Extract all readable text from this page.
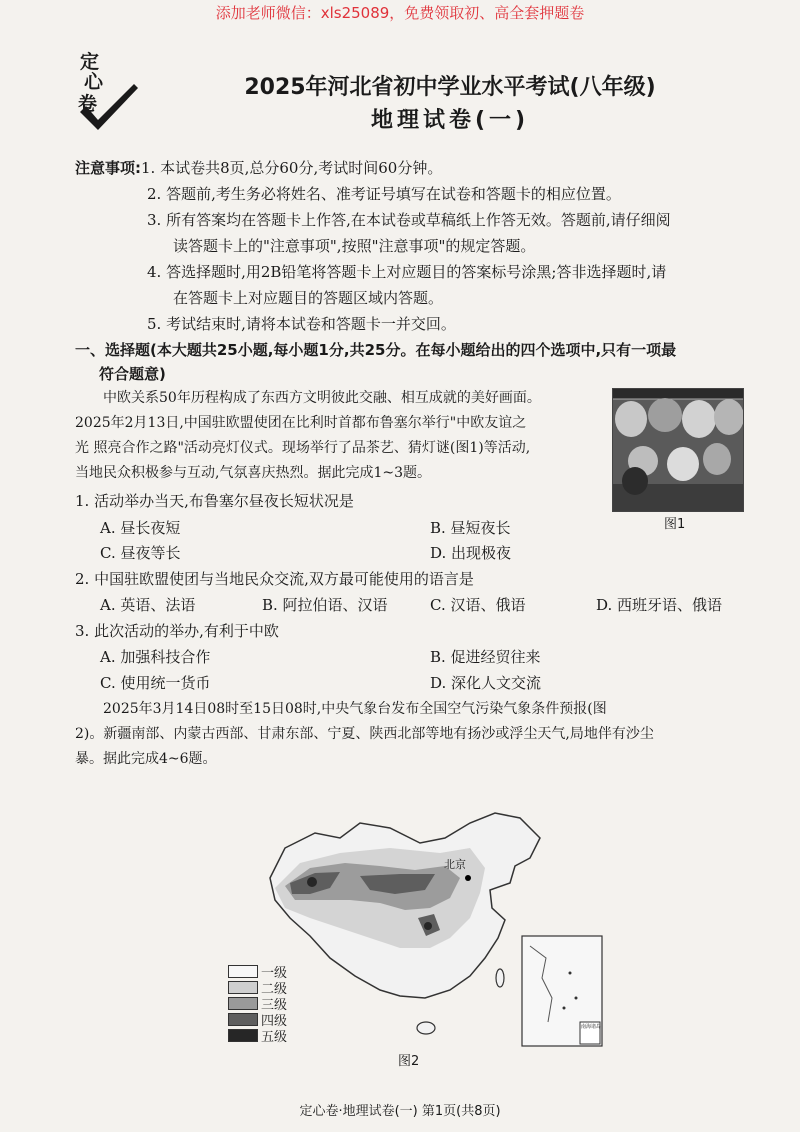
添加老师微信：xls25089，免费领取初、高全套押题卷
定
心
卷
2025年河北省初中学业水平考试(八年级)
地理试卷(一)
注意事项:1. 本试卷共8页,总分60分,考试时间60分钟。
2. 答题前,考生务必将姓名、准考证号填写在试卷和答题卡的相应位置。
3. 所有答案均在答题卡上作答,在本试卷或草稿纸上作答无效。答题前,请仔细阅
读答题卡上的"注意事项",按照"注意事项"的规定答题。
4. 答选择题时,用2B铅笔将答题卡上对应题目的答案标号涂黑;答非选择题时,请
在答题卡上对应题目的答题区域内答题。
5. 考试结束时,请将本试卷和答题卡一并交回。
一、选择题(本大题共25小题,每小题1分,共25分。在每小题给出的四个选项中,只有一项最
符合题意)
中欧关系50年历程构成了东西方文明彼此交融、相互成就的美好画面。
2025年2月13日,中国驻欧盟使团在比利时首都布鲁塞尔举行"中欧友谊之
光 照亮合作之路"活动亮灯仪式。现场举行了品茶艺、猜灯谜(图1)等活动,
当地民众积极参与互动,气氛喜庆热烈。据此完成1~3题。
图1
1. 活动举办当天,布鲁塞尔昼夜长短状况是
A. 昼长夜短	B. 昼短夜长
C. 昼夜等长	D. 出现极夜
2. 中国驻欧盟使团与当地民众交流,双方最可能使用的语言是
A. 英语、法语	B. 阿拉伯语、汉语	C. 汉语、俄语	D. 西班牙语、俄语
3. 此次活动的举办,有利于中欧
A. 加强科技合作	B. 促进经贸往来
C. 使用统一货币	D. 深化人文交流
2025年3月14日08时至15日08时,中央气象台发布全国空气污染气象条件预报(图
2)。新疆南部、内蒙古西部、甘肃东部、宁夏、陕西北部等地有扬沙或浮尘天气,局地伴有沙尘
暴。据此完成4~6题。
北京
南海诸岛
一级
二级
三级
四级
五级
图2
定心卷·地理试卷(一) 第1页(共8页)
